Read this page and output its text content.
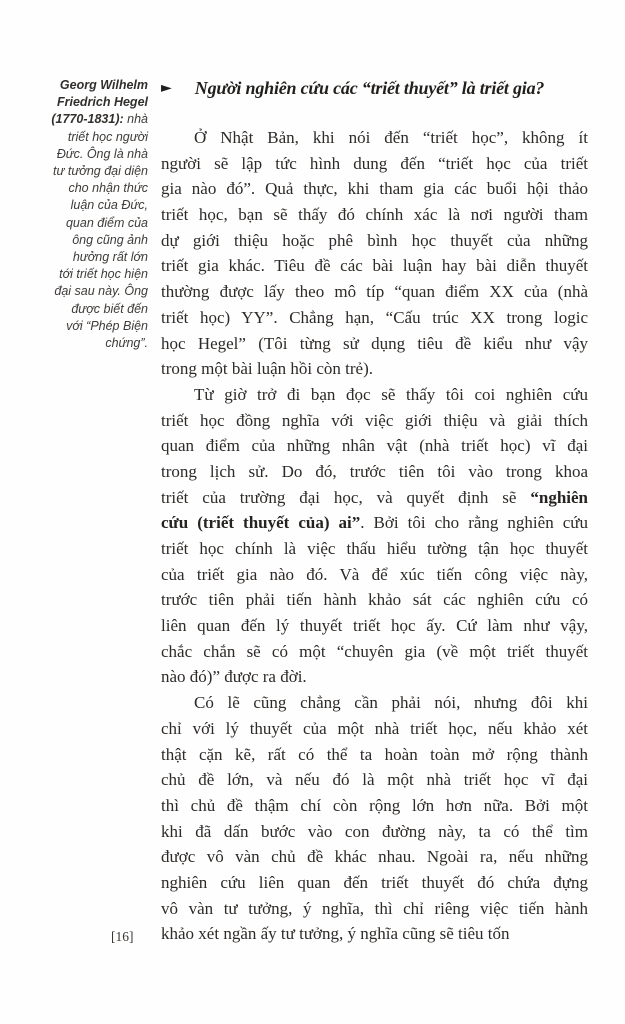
Georg Wilhelm
Friedrich Hegel
(1770-1831): nhà
triết học người
Đức. Ông là nhà
tư tưởng đại diện
cho nhận thức
luận của Đức,
quan điểm của
ông cũng ảnh
hưởng rất lớn
tới triết học hiện
đại sau này. Ông
được biết đến
với “Phép Biện
chứng”.
► Người nghiên cứu các “triết thuyết” là triết gia?
Ở Nhật Bản, khi nói đến “triết học”, không ít
người sẽ lập tức hình dung đến “triết học của triết
gia nào đó”. Quả thực, khi tham gia các buổi hội thảo
triết học, bạn sẽ thấy đó chính xác là nơi người tham
dự giới thiệu hoặc phê bình học thuyết của những
triết gia khác. Tiêu đề các bài luận hay bài diễn thuyết
thường được lấy theo mô típ “quan điểm XX của (nhà
triết học) YY”. Chẳng hạn, “Cấu trúc XX trong logic
học Hegel” (Tôi từng sử dụng tiêu đề kiểu như vậy
trong một bài luận hồi còn trẻ).
Từ giờ trở đi bạn đọc sẽ thấy tôi coi nghiên cứu
triết học đồng nghĩa với việc giới thiệu và giải thích
quan điểm của những nhân vật (nhà triết học) vĩ đại
trong lịch sử. Do đó, trước tiên tôi vào trong khoa
triết của trường đại học, và quyết định sẽ “nghiên
cứu (triết thuyết của) ai”. Bởi tôi cho rằng nghiên cứu
triết học chính là việc thấu hiểu tường tận học thuyết
của triết gia nào đó. Và để xúc tiến công việc này,
trước tiên phải tiến hành khảo sát các nghiên cứu có
liên quan đến lý thuyết triết học ấy. Cứ làm như vậy,
chắc chắn sẽ có một “chuyên gia (về một triết thuyết
nào đó)” được ra đời.
Có lẽ cũng chẳng cần phải nói, nhưng đôi khi
chỉ với lý thuyết của một nhà triết học, nếu khảo xét
thật cặn kẽ, rất có thể ta hoàn toàn mở rộng thành
chủ đề lớn, và nếu đó là một nhà triết học vĩ đại
thì chủ đề thậm chí còn rộng lớn hơn nữa. Bởi một
khi đã dấn bước vào con đường này, ta có thể tìm
được vô vàn chủ đề khác nhau. Ngoài ra, nếu những
nghiên cứu liên quan đến triết thuyết đó chứa đựng
vô vàn tư tưởng, ý nghĩa, thì chỉ riêng việc tiến hành
khảo xét ngần ấy tư tưởng, ý nghĩa cũng sẽ tiêu tốn
[16]
